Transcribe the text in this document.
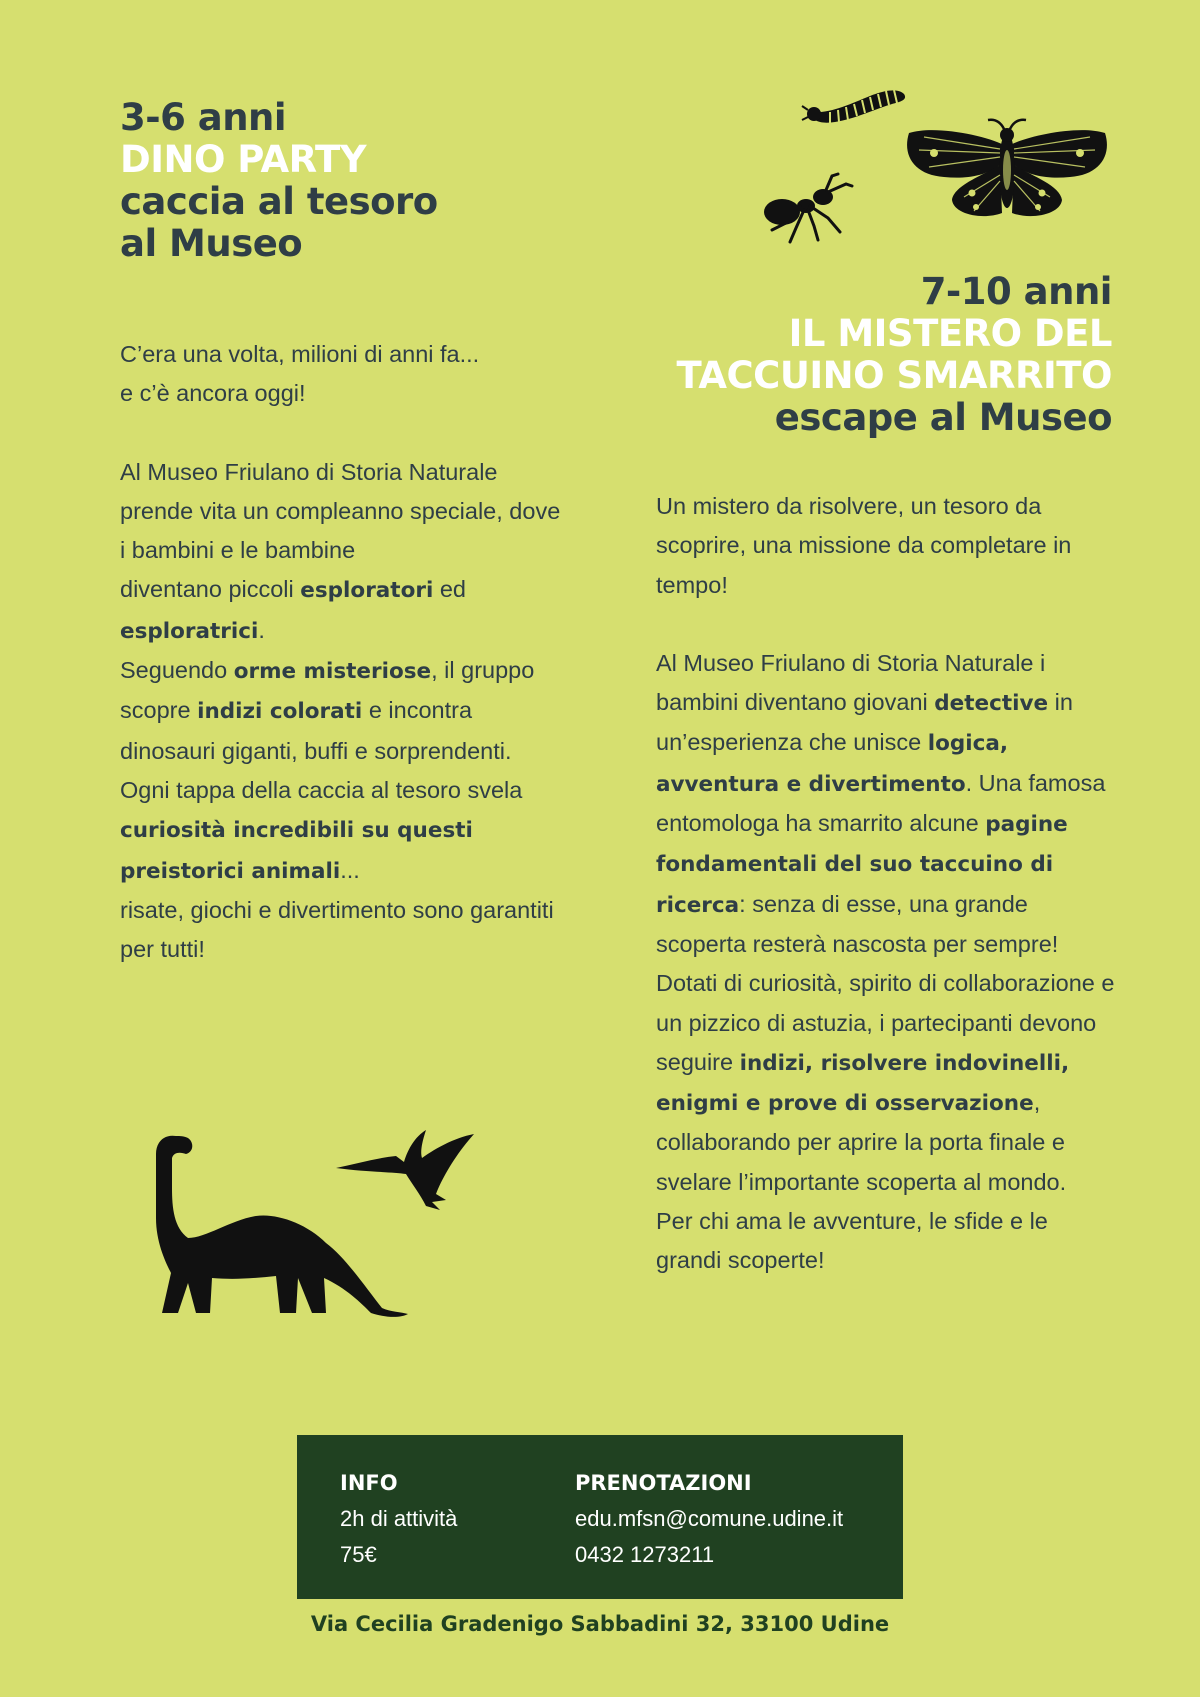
3-6 anni
DINO PARTY
caccia al tesoro
al Museo
7-10 anni
IL MISTERO DEL
TACCUINO SMARRITO
escape al Museo

C’era una volta, milioni di anni fa...
e c’è ancora oggi!

Al Museo Friulano di Storia Naturale prende vita un compleanno speciale, dove i bambini e le bambine
diventano piccoli esploratori ed esploratrici.
Seguendo orme misteriose, il gruppo scopre indizi colorati e incontra dinosauri giganti, buffi e sorprendenti. Ogni tappa della caccia al tesoro svela curiosità incredibili su questi preistorici animali...
risate, giochi e divertimento sono garantiti per tutti!

Un mistero da risolvere, un tesoro da scoprire, una missione da completare in tempo!

Al Museo Friulano di Storia Naturale i bambini diventano giovani detective in un’esperienza che unisce logica, avventura e divertimento. Una famosa entomologa ha smarrito alcune pagine fondamentali del suo taccuino di ricerca: senza di esse, una grande scoperta resterà nascosta per sempre! Dotati di curiosità, spirito di collaborazione e un pizzico di astuzia, i partecipanti devono seguire indizi, risolvere indovinelli, enigmi e prove di osservazione, collaborando per aprire la porta finale e svelare l’importante scoperta al mondo.
Per chi ama le avventure, le sfide e le grandi scoperte!

INFO
2h di attività
75€
PRENOTAZIONI
edu.mfsn@comune.udine.it
0432 1273211
Via Cecilia Gradenigo Sabbadini 32, 33100 Udine
